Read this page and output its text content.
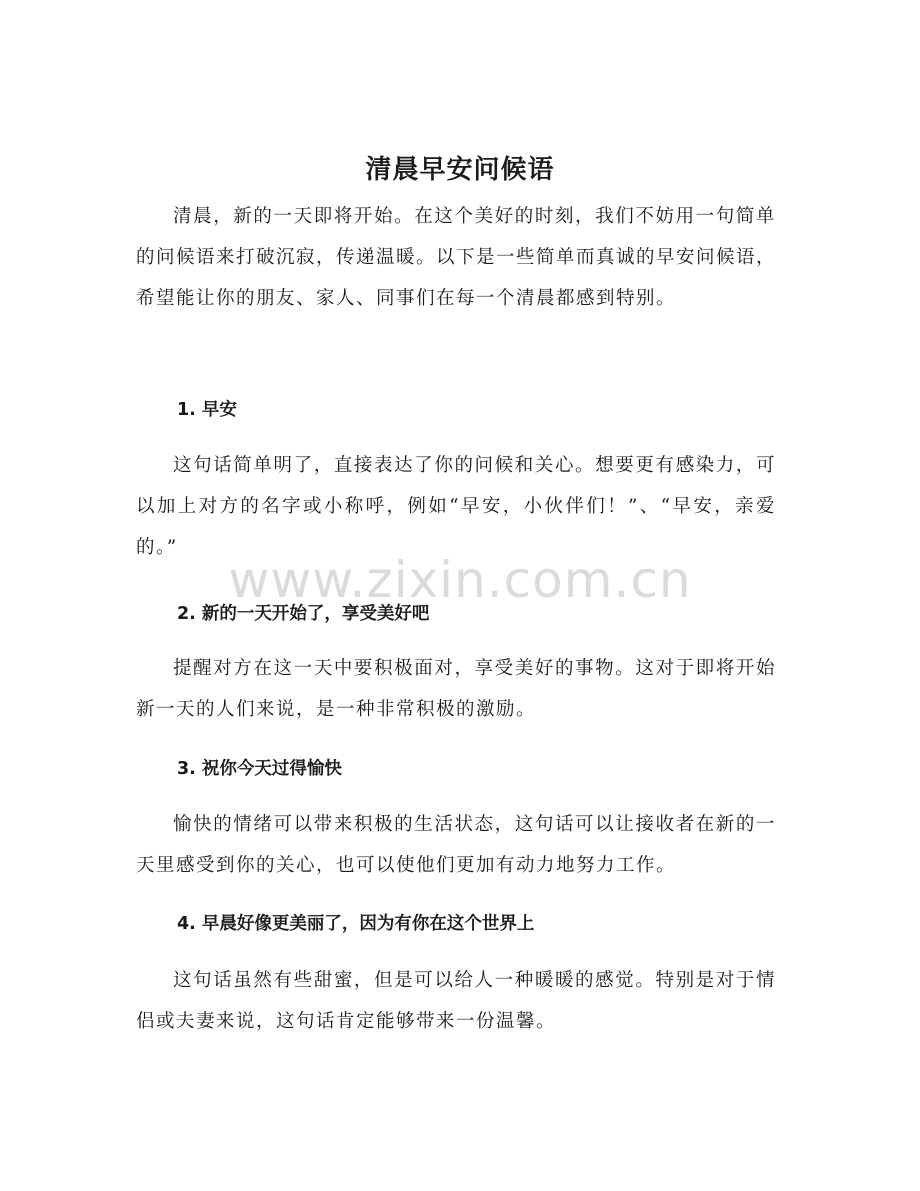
清晨早安问候语

清晨，新的一天即将开始。在这个美好的时刻，我们不妨用一句简单的问候语来打破沉寂，传递温暖。以下是一些简单而真诚的早安问候语，希望能让你的朋友、家人、同事们在每一个清晨都感到特别。

1. 早安

这句话简单明了，直接表达了你的问候和关心。想要更有感染力，可以加上对方的名字或小称呼，例如“早安，小伙伴们！”、“早安，亲爱的。”

2. 新的一天开始了，享受美好吧

提醒对方在这一天中要积极面对，享受美好的事物。这对于即将开始新一天的人们来说，是一种非常积极的激励。

3. 祝你今天过得愉快

愉快的情绪可以带来积极的生活状态，这句话可以让接收者在新的一天里感受到你的关心，也可以使他们更加有动力地努力工作。

4. 早晨好像更美丽了，因为有你在这个世界上

这句话虽然有些甜蜜，但是可以给人一种暖暖的感觉。特别是对于情侣或夫妻来说，这句话肯定能够带来一份温馨。

www.zixin.com.cn
